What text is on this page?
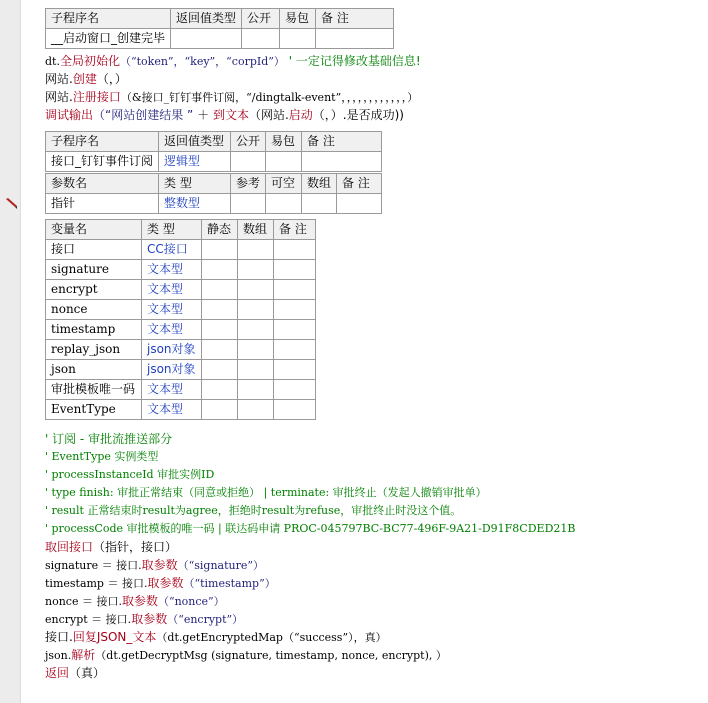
子程序名	返回值类型	公开	易包	备 注
__启动窗口_创建完毕				
dt.全局初始化（“token”，“key”，“corpId”） ' 一定记得修改基础信息!
网站.创建（，）
网站.注册接口（&接口_钉钉事件订阅，“/dingtalk-event”，，，，，，，，，，，，）
调试输出（“网站创建结果 ” ＋ 到文本（网站.启动（，）.是否成功))
子程序名	返回值类型	公开	易包	备 注
接口_钉钉事件订阅	逻辑型			
参数名	类 型	参考	可空	数组	备 注
指针	整数型				
变量名	类 型	静态	数组	备 注
接口	CC接口			
signature	文本型			
encrypt	文本型			
nonce	文本型			
timestamp	文本型			
replay_json	json对象			
json	json对象			
审批模板唯一码	文本型			
EventType	文本型			
' 订阅 - 审批流推送部分
' EventType 实例类型
' processInstanceId 审批实例ID
' type finish: 审批正常结束（同意或拒绝） | terminate: 审批终止（发起人撤销审批单）
' result 正常结束时result为agree，拒绝时result为refuse，审批终止时没这个值。
' processCode 审批模板的唯一码 | 联达码申请 PROC-045797BC-BC77-496F-9A21-D91F8CDED21B
取回接口（指针，接口）
signature ＝ 接口.取参数（“signature”）
timestamp ＝ 接口.取参数（“timestamp”）
nonce ＝ 接口.取参数（“nonce”）
encrypt ＝ 接口.取参数（“encrypt”）
接口.回复JSON_文本（dt.getEncryptedMap（“success”），真）
json.解析（dt.getDecryptMsg (signature, timestamp, nonce, encrypt), ）
返回（真）
